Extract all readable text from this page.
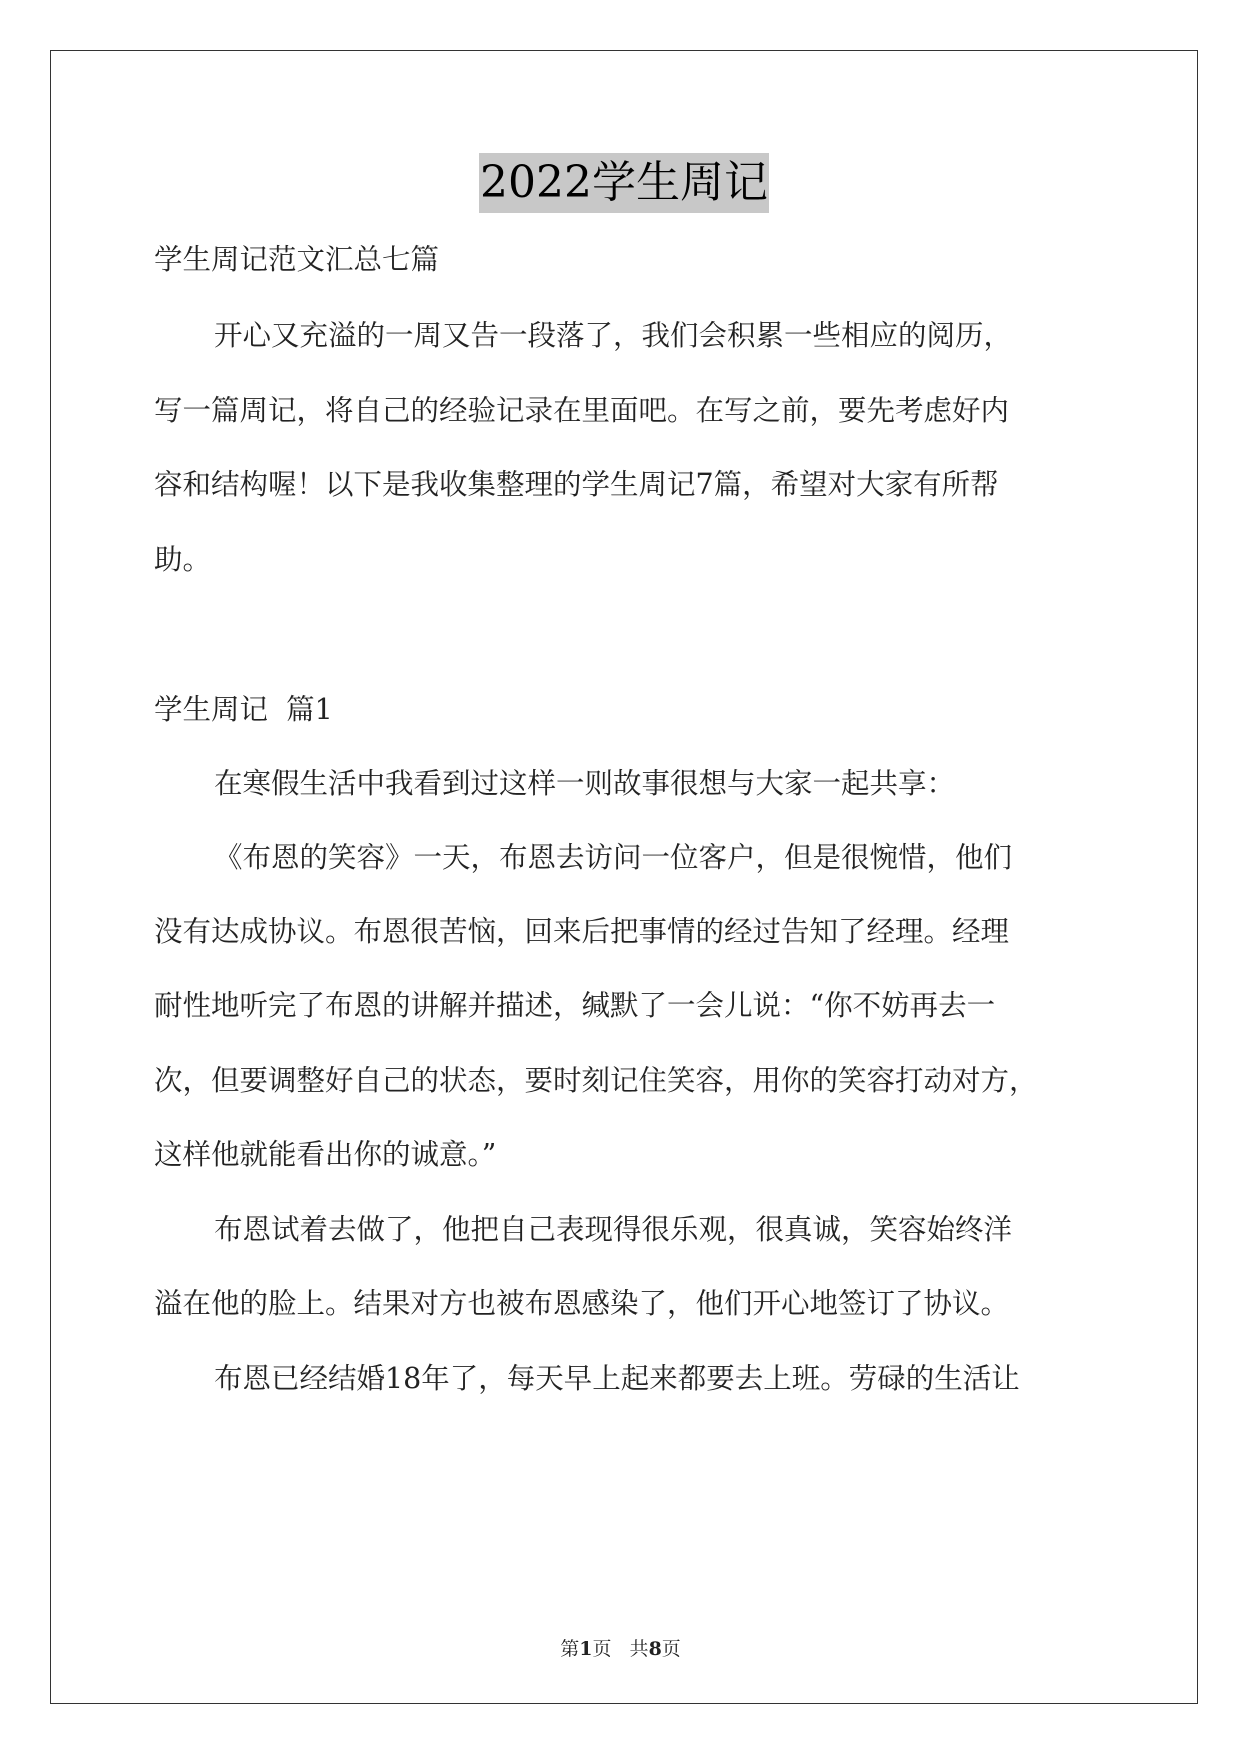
2022学生周记

学生周记范文汇总七篇

开心又充溢的一周又告一段落了，我们会积累一些相应的阅历，

写一篇周记，将自己的经验记录在里面吧。在写之前，要先考虑好内

容和结构喔！以下是我收集整理的学生周记7篇，希望对大家有所帮

助。

学生周记  篇1

在寒假生活中我看到过这样一则故事很想与大家一起共享：

《布恩的笑容》一天，布恩去访问一位客户，但是很惋惜，他们

没有达成协议。布恩很苦恼，回来后把事情的经过告知了经理。经理

耐性地听完了布恩的讲解并描述，缄默了一会儿说：“你不妨再去一

次，但要调整好自己的状态，要时刻记住笑容，用你的笑容打动对方，

这样他就能看出你的诚意。”

布恩试着去做了，他把自己表现得很乐观，很真诚，笑容始终洋

溢在他的脸上。结果对方也被布恩感染了，他们开心地签订了协议。

布恩已经结婚18年了，每天早上起来都要去上班。劳碌的生活让

第1页   共8页
